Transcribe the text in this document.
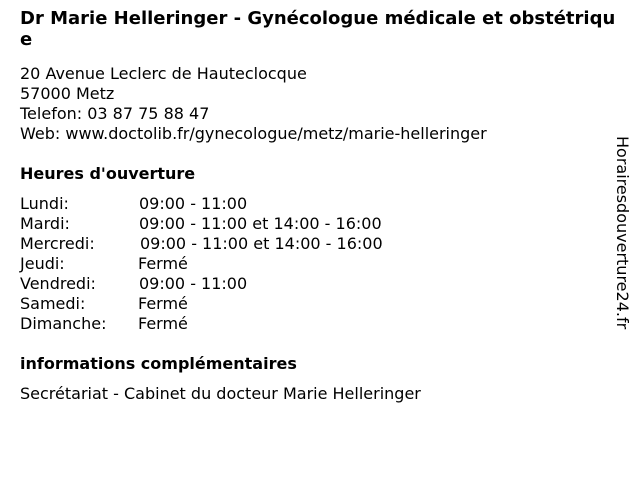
Dr Marie Helleringer - Gynécologue médicale et obstétrique
20 Avenue Leclerc de Hauteclocque
57000 Metz
Telefon: 03 87 75 88 47
Web: www.doctolib.fr/gynecologue/metz/marie-helleringer
Heures d'ouverture
Lundi:	09:00 - 11:00
Mardi:	09:00 - 11:00 et 14:00 - 16:00
Mercredi:	09:00 - 11:00 et 14:00 - 16:00
Jeudi:	Fermé
Vendredi:	09:00 - 11:00
Samedi:	Fermé
Dimanche: Fermé
informations complémentaires
Secrétariat - Cabinet du docteur Marie Helleringer
Horairesdouverture24.fr
